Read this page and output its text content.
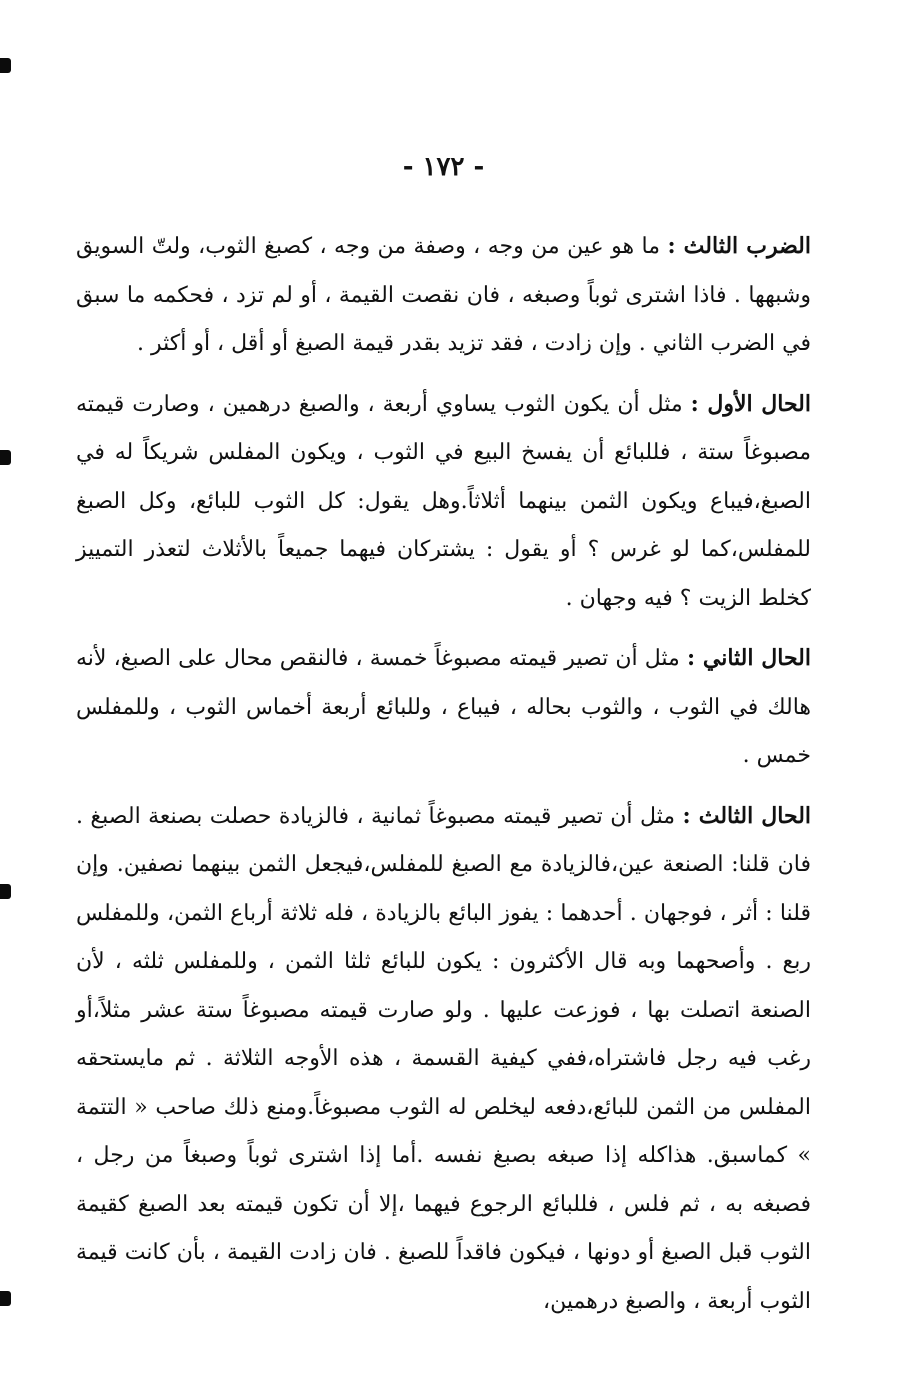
- ١٧٢ -

الضرب الثالث : ما هو عين من وجه ، وصفة من وجه ، كصبغ الثوب، ولتّ السويق وشبهها . فاذا اشترى ثوباً وصبغه ، فان نقصت القيمة ، أو لم تزد ، فحكمه ما سبق في الضرب الثاني . وإن زادت ، فقد تزيد بقدر قيمة الصبغ أو أقل ، أو أكثر .

الحال الأول : مثل أن يكون الثوب يساوي أربعة ، والصبغ درهمين ، وصارت قيمته مصبوغاً ستة ، فللبائع أن يفسخ البيع في الثوب ، ويكون المفلس شريكاً له في الصبغ،فيباع ويكون الثمن بينهما أثلاثاً.وهل يقول: كل الثوب للبائع، وكل الصبغ للمفلس،كما لو غرس ؟ أو يقول : يشتركان فيهما جميعاً بالأثلاث لتعذر التمييز كخلط الزيت ؟ فيه وجهان .

الحال الثاني : مثل أن تصير قيمته مصبوغاً خمسة ، فالنقص محال على الصبغ، لأنه هالك في الثوب ، والثوب بحاله ، فيباع ، وللبائع أربعة أخماس الثوب ، وللمفلس خمس .

الحال الثالث : مثل أن تصير قيمته مصبوغاً ثمانية ، فالزيادة حصلت بصنعة الصبغ . فان قلنا: الصنعة عين،فالزيادة مع الصبغ للمفلس،فيجعل الثمن بينهما نصفين. وإن قلنا : أثر ، فوجهان . أحدهما : يفوز البائع بالزيادة ، فله ثلاثة أرباع الثمن، وللمفلس ربع . وأصحهما وبه قال الأكثرون : يكون للبائع ثلثا الثمن ، وللمفلس ثلثه ، لأن الصنعة اتصلت بها ، فوزعت عليها . ولو صارت قيمته مصبوغاً ستة عشر مثلاً،أو رغب فيه رجل فاشتراه،ففي كيفية القسمة ، هذه الأوجه الثلاثة . ثم مايستحقه المفلس من الثمن للبائع،دفعه ليخلص له الثوب مصبوغاً.ومنع ذلك صاحب « التتمة » كماسبق. هذاكله إذا صبغه بصبغ نفسه .أما إذا اشترى ثوباً وصبغاً من رجل ، فصبغه به ، ثم فلس ، فللبائع الرجوع فيهما ،إلا أن تكون قيمته بعد الصبغ كقيمة الثوب قبل الصبغ أو دونها ، فيكون فاقداً للصبغ . فان زادت القيمة ، بأن كانت قيمة الثوب أربعة ، والصبغ درهمين،
